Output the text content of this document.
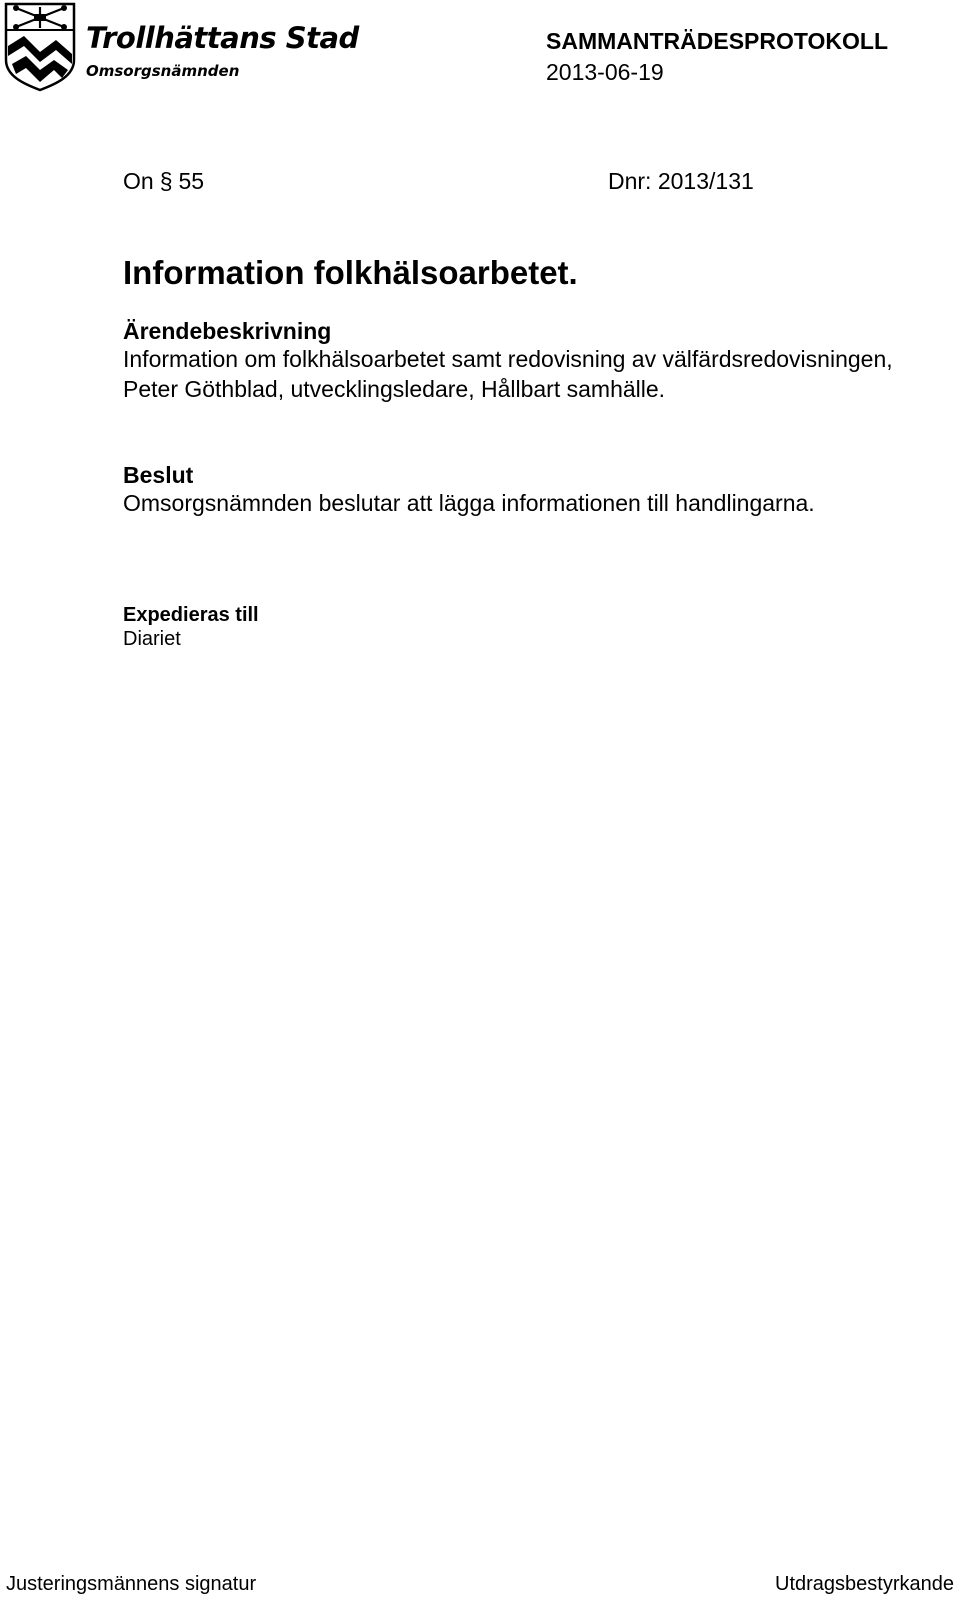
Trollhättans Stad
Omsorgsnämnden
SAMMANTRÄDESPROTOKOLL
2013-06-19
On § 55	Dnr: 2013/131
Information folkhälsoarbetet.
Ärendebeskrivning
Information om folkhälsoarbetet samt redovisning av välfärdsredovisningen, Peter Göthblad, utvecklingsledare, Hållbart samhälle.
Beslut
Omsorgsnämnden beslutar att lägga informationen till handlingarna.
Expedieras till
Diariet
Justeringsmännens signatur	Utdragsbestyrkande
